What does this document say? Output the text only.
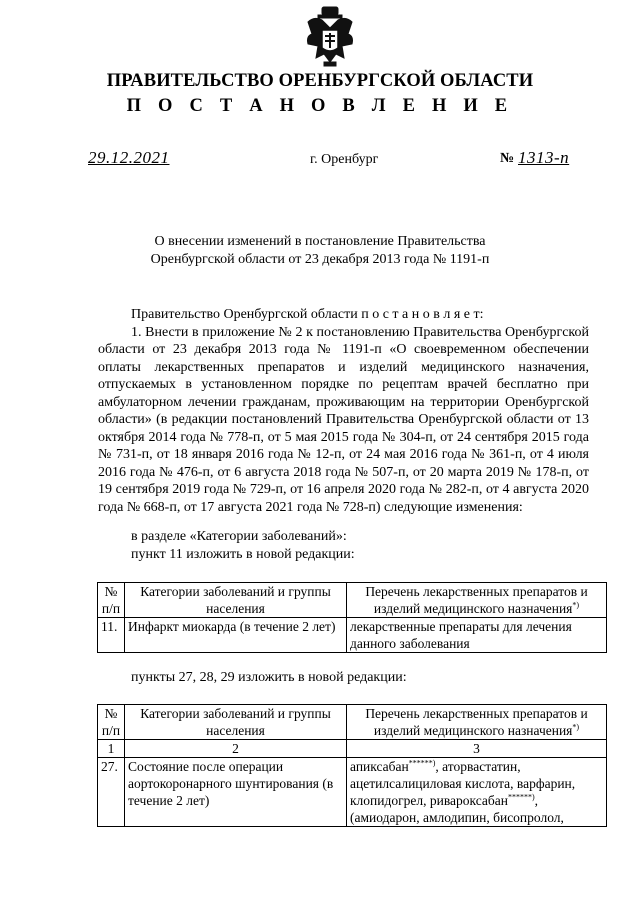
ПРАВИТЕЛЬСТВО ОРЕНБУРГСКОЙ ОБЛАСТИ
П О С Т А Н О В Л Е Н И Е
29.12.2021	г. Оренбург	№ 1313-п
О внесении изменений в постановление Правительства
Оренбургской области от 23 декабря 2013 года № 1191-п
Правительство Оренбургской области п о с т а н о в л я е т:
1. Внести в приложение № 2 к постановлению Правительства Оренбургской области от 23 декабря 2013 года № 1191-п «О своевременном обеспечении оплаты лекарственных препаратов и изделий медицинского назначения, отпускаемых в установленном порядке по рецептам врачей бесплатно при амбулаторном лечении гражданам, проживающим на территории Оренбургской области» (в редакции постановлений Правительства Оренбургской области от 13 октября 2014 года № 778-п, от 5 мая 2015 года № 304-п, от 24 сентября 2015 года № 731-п, от 18 января 2016 года № 12-п, от 24 мая 2016 года № 361-п, от 4 июля 2016 года № 476-п, от 6 августа 2018 года № 507-п, от 20 марта 2019 № 178-п, от 19 сентября 2019 года № 729-п, от 16 апреля 2020 года № 282-п, от 4 августа 2020 года № 668-п, от 17 августа 2021 года № 728-п) следующие изменения:
в разделе «Категории заболеваний»:
пункт 11 изложить в новой редакции:
№ п/п	Категории заболеваний и группы населения	Перечень лекарственных препаратов и изделий медицинского назначения*)
11.	Инфаркт миокарда (в течение 2 лет)	лекарственные препараты для лечения данного заболевания
пункты 27, 28, 29 изложить в новой редакции:
№ п/п	Категории заболеваний и группы населения	Перечень лекарственных препаратов и изделий медицинского назначения*)
1	2	3
27.	Состояние после операции аортокоронарного шунтирования (в течение 2 лет)	апиксабан******), аторвастатин,
ацетилсалициловая кислота, варфарин,
клопидогрел, ривароксабан******),
(амиодарон, амлодипин, бисопролол,
